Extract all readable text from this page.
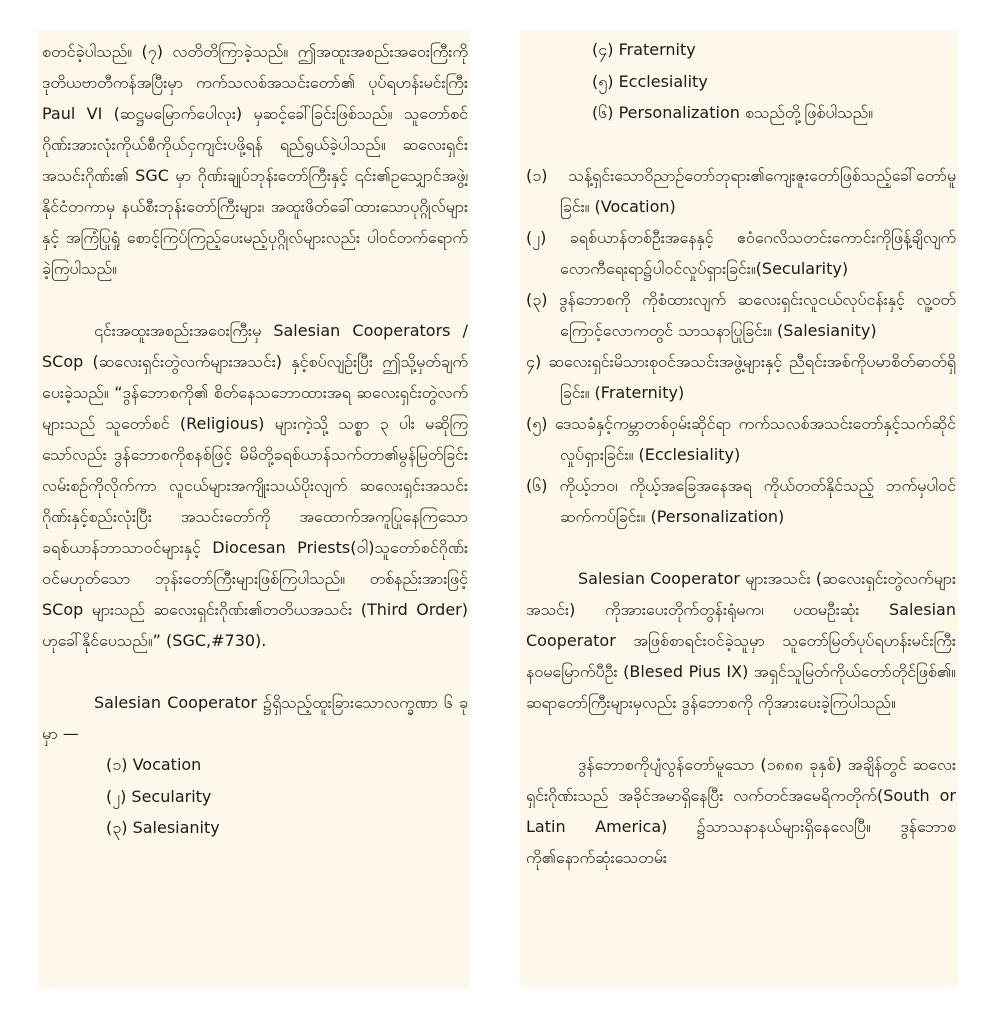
စတင်ခဲ့ပါသည်။ (၇) လတိတိကြာခဲ့သည်။ ဤအထူးအစည်းအဝေးကြီးကို ဒုတိယဗာတီကန်အပြီးမှာ ကက်သလစ်အသင်းတော်၏ ပုပ်ရဟန်းမင်းကြီး Paul VI (ဆဋ္ဌမမြောက်ပေါလုး) မှဆင့်ခေါ်ခြင်းဖြစ်သည်။ သူတော်စင်ဂိုဏ်းအားလုံးကိုယ်စီကိုယ်ငှကျင်းပဖို့ရန် ရည်ရွယ်ခဲ့ပါသည်။ ဆလေးရှင်းအသင်းဂိုဏ်း၏ SGC မှာ ဂိုဏ်းချုပ်ဘုန်းတော်ကြီးနှင့် ၎င်း၏ဥသျှောင်အဖွဲ့၊ နိုင်ငံတကာမှ နယ်စီးဘုန်းတော်ကြီးများ၊ အထူးဖိတ်ခေါ်ထားသောပုဂ္ဂိုလ်များနှင့် အကြံပြုရှုံ စောင့်ကြပ်ကြည့်ပေးမည့်ပုဂ္ဂိုလ်များလည်း ပါဝင်တက်ရောက်ခဲ့ကြပါသည်။

၎င်းအထူးအစည်းအဝေးကြီးမှ Salesian Cooperators / SCop (ဆလေးရှင်းတွဲလက်များအသင်း) နှင့်စပ်လျဉ်းပြီး ဤသို့မှတ်ချက်ပေးခဲ့သည်။ “ဒွန်ဘောစကို၏ စိတ်နေသဘောထားအရ ဆလေးရှင်းတွဲလက်များသည် သူတော်စင် (Religious) များကဲ့သို့ သစ္စာ ၃ ပါး မဆိုကြသော်လည်း ဒွန်ဘောစကိုစနစ်ဖြင့် မိမိတို့ခရစ်ယာန်သက်တာ၏မွန်မြတ်ခြင်းလမ်းစဉ်ကိုလိုက်ကာ လူငယ်များအကျိုးသယ်ပိုးလျက် ဆလေးရှင်းအသင်းဂိုဏ်းနှင့်စည်းလုံးပြီး အသင်းတော်ကို အထောက်အကူပြုနေကြသော ခရစ်ယာန်ဘာသာဝင်များနှင့် Diocesan Priests(ဝါ)သူတော်စင်ဂိုဏ်းဝင်မဟုတ်သော ဘုန်းတော်ကြီးများဖြစ်ကြပါသည်။ တစ်နည်းအားဖြင့် SCop များသည် ဆလေးရှင်းဂိုဏ်း၏တတိယအသင်း (Third Order) ဟုခေါ်နိုင်ပေသည်။” (SGC,#730).

Salesian Cooperator ၌ရှိသည့်ထူးခြားသောလက္ခဏာ ၆ ခုမှာ —

(၁) Vocation
(၂) Secularity
(၃) Salesianity
(၄) Fraternity
(၅) Ecclesiality
(၆) Personalization စသည်တို့ဖြစ်ပါသည်။

(၁) သန့်ရှင်းသောဝိညာဉ်တော်ဘုရား၏ကျေးဇူးတော်ဖြစ်သည့်ခေါ်တော်မူခြင်း။ (Vocation)

(၂) ခရစ်ယာန်တစ်ဦးအနေနှင့် ဧဝံဂေလိသတင်းကောင်းကိုဖြန့်ချိလျက် လောကီရေးရာ၌ပါဝင်လှုပ်ရှားခြင်း။(Secularity)

(၃) ဒွန်ဘောစကို ကိုစံထားလျက် ဆလေးရှင်းလူငယ်လုပ်ငန်းနှင့် လူ့ဝတ်ကြောင့်လောကတွင် သာသနာပြုခြင်း။ (Salesianity)

၄) ဆလေးရှင်းမိသားစုဝင်အသင်းအဖွဲ့များနှင့် ညီရင်းအစ်ကိုပမာစိတ်ဓာတ်ရှိခြင်း။ (Fraternity)

(၅) ဒေသခံနှင့်ကမ္ဘာတစ်ဝှမ်းဆိုင်ရာ ကက်သလစ်အသင်းတော်နှင့်သက်ဆိုင်လှုပ်ရှားခြင်း။ (Ecclesiality)

(၆) ကိုယ့်ဘဝ၊ ကိုယ့်အခြေအနေအရ ကိုယ်တတ်နိုင်သည့် ဘက်မှပါဝင်ဆက်ကပ်ခြင်း။ (Personalization)

Salesian Cooperator များအသင်း (ဆလေးရှင်းတွဲလက်များအသင်း) ကိုအားပေးတိုက်တွန်းရုံမက၊ ပထမဦးဆုံး Salesian Cooperator အဖြစ်စာရင်းဝင်ခဲ့သူမှာ သူတော်မြတ်ပုပ်ရဟန်းမင်းကြီးနဝမမြောက်ပီဦး (Blesed Pius IX) အရှင်သူမြတ်ကိုယ်တော်တိုင်ဖြစ်၏။ ဆရာတော်ကြီးများမှလည်း ဒွန်ဘောစကို ကိုအားပေးခဲ့ကြပါသည်။

ဒွန်ဘောစကိုပျံလွန်တော်မူသော (၁၈၈၈ ခုနှစ်) အချိန်တွင် ဆလေးရှင်းဂိုဏ်းသည် အခိုင်အမာရှိနေပြီး လက်တင်အမေရိကတိုက်(South or Latin America) ၌သာသနာနယ်များရှိနေလေပြီ။ ဒွန်ဘောစကို၏နောက်ဆုံးသေတမ်း
